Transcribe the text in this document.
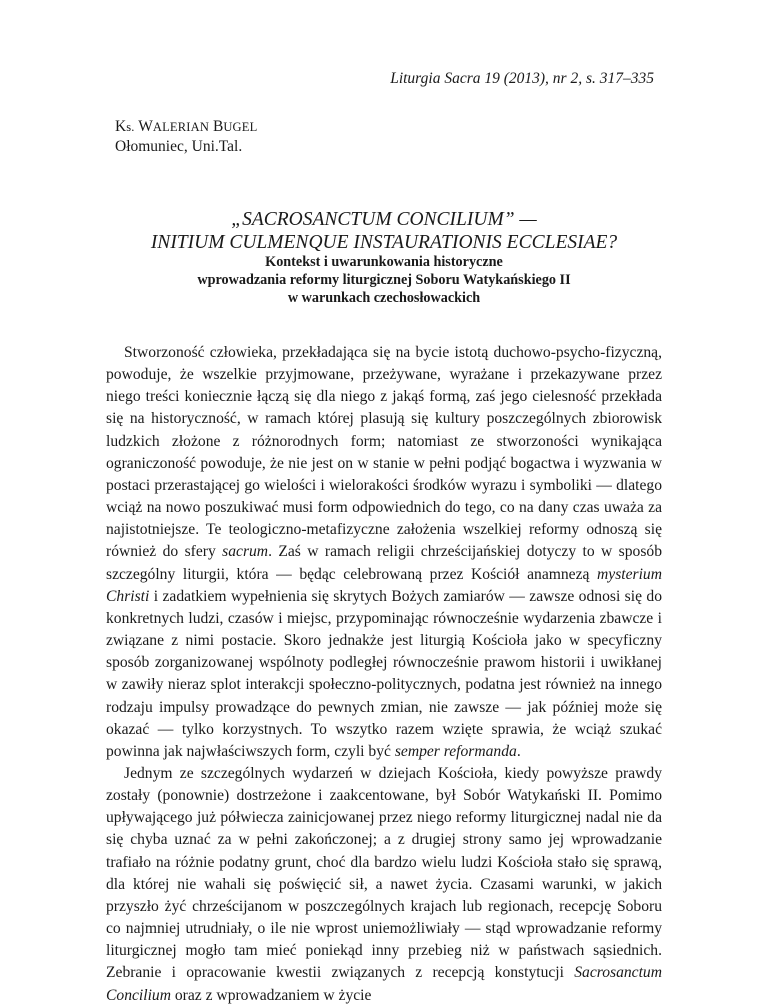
Liturgia Sacra 19 (2013), nr 2, s. 317–335
Ks. WALERIAN BUGEL
Ołomuniec, Uni.Tal.
„SACROSANCTUM CONCILIUM” —
INITIUM CULMENQUE INSTAURATIONIS ECCLESIAE?
Kontekst i uwarunkowania historyczne
wprowadzania reformy liturgicznej Soboru Watykańskiego II
w warunkach czechosłowackich

Stworzoność człowieka, przekładająca się na bycie istotą duchowo-psycho-fizyczną, powoduje, że wszelkie przyjmowane, przeżywane, wyrażane i przekazywane przez niego treści koniecznie łączą się dla niego z jakąś formą, zaś jego cielesność przekłada się na historyczność, w ramach której plasują się kultury poszczególnych zbiorowisk ludzkich złożone z różnorodnych form; natomiast ze stworzoności wynikająca ograniczoność powoduje, że nie jest on w stanie w pełni podjąć bogactwa i wyzwania w postaci przerastającej go wielości i wielorakości środków wyrazu i symboliki — dlatego wciąż na nowo poszukiwać musi form odpowiednich do tego, co na dany czas uważa za najistotniejsze. Te teologiczno-metafizyczne założenia wszelkiej reformy odnoszą się również do sfery sacrum. Zaś w ramach religii chrześcijańskiej dotyczy to w sposób szczególny liturgii, która — będąc celebrowaną przez Kościół anamnezą mysterium Christi i zadatkiem wypełnienia się skrytych Bożych zamiarów — zawsze odnosi się do konkretnych ludzi, czasów i miejsc, przypominając równocześnie wydarzenia zbawcze i związane z nimi postacie. Skoro jednakże jest liturgią Kościoła jako w specyficzny sposób zorganizowanej wspólnoty podległej równocześnie prawom historii i uwikłanej w zawiły nieraz splot interakcji społeczno-politycznych, podatna jest również na innego rodzaju impulsy prowadzące do pewnych zmian, nie zawsze — jak później może się okazać — tylko korzystnych. To wszytko razem wzięte sprawia, że wciąż szukać powinna jak najwłaściwszych form, czyli być semper reformanda.

Jednym ze szczególnych wydarzeń w dziejach Kościoła, kiedy powyższe prawdy zostały (ponownie) dostrzeżone i zaakcentowane, był Sobór Watykański II. Pomimo upływającego już półwiecza zainicjowanej przez niego reformy liturgicznej nadal nie da się chyba uznać za w pełni zakończonej; a z drugiej strony samo jej wprowadzanie trafiało na różnie podatny grunt, choć dla bardzo wielu ludzi Kościoła stało się sprawą, dla której nie wahali się poświęcić sił, a nawet życia. Czasami warunki, w jakich przyszło żyć chrześcijanom w poszczególnych krajach lub regionach, recepcję Soboru co najmniej utrudniały, o ile nie wprost uniemożliwiały — stąd wprowadzanie reformy liturgicznej mogło tam mieć poniekąd inny przebieg niż w państwach sąsiednich. Zebranie i opracowanie kwestii związanych z recepcją konstytucji Sacrosanctum Concilium oraz z wprowadzaniem w życie
